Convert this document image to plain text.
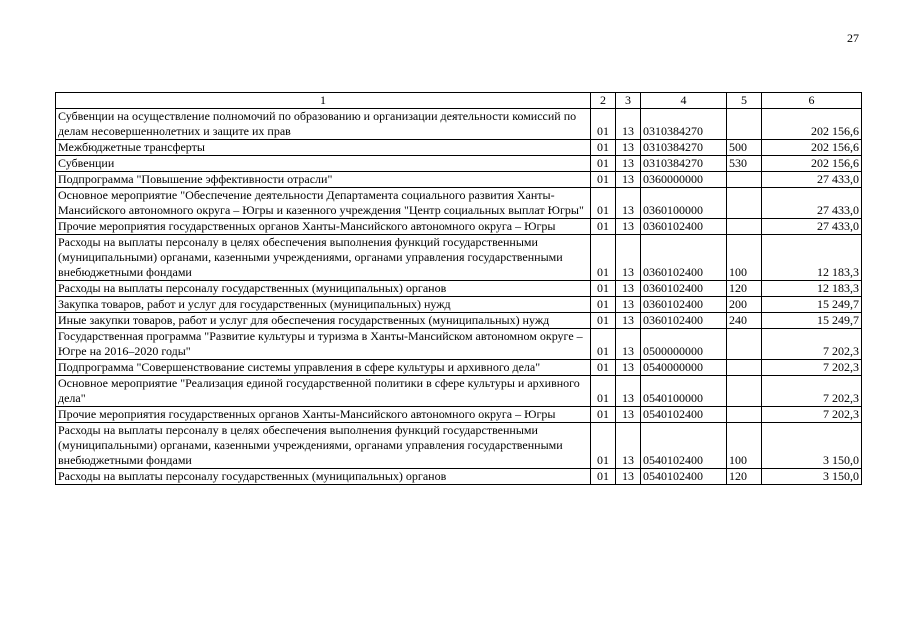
27
1	2	3	4	5	6
Субвенции на осуществление полномочий по образованию и организации деятельности комиссий по делам несовершеннолетних и защите их прав	01	13	0310384270		202 156,6
Межбюджетные трансферты	01	13	0310384270	500	202 156,6
Субвенции	01	13	0310384270	530	202 156,6
Подпрограмма "Повышение эффективности отрасли"	01	13	0360000000		27 433,0
Основное мероприятие "Обеспечение деятельности Департамента социального развития Ханты-Мансийского автономного округа – Югры и казенного учреждения "Центр социальных выплат Югры"	01	13	0360100000		27 433,0
Прочие мероприятия государственных органов Ханты-Мансийского автономного округа – Югры	01	13	0360102400		27 433,0
Расходы на выплаты персоналу в целях обеспечения выполнения функций государственными (муниципальными) органами, казенными учреждениями, органами управления государственными внебюджетными фондами	01	13	0360102400	100	12 183,3
Расходы на выплаты персоналу государственных (муниципальных) органов	01	13	0360102400	120	12 183,3
Закупка товаров, работ и услуг для государственных (муниципальных) нужд	01	13	0360102400	200	15 249,7
Иные закупки товаров, работ и услуг для обеспечения государственных (муниципальных) нужд	01	13	0360102400	240	15 249,7
Государственная программа "Развитие культуры и туризма в Ханты-Мансийском автономном округе – Югре на 2016–2020 годы"	01	13	0500000000		7 202,3
Подпрограмма "Совершенствование системы управления в сфере культуры и архивного дела"	01	13	0540000000		7 202,3
Основное мероприятие "Реализация единой государственной политики в сфере культуры и архивного дела"	01	13	0540100000		7 202,3
Прочие мероприятия государственных органов Ханты-Мансийского автономного округа – Югры	01	13	0540102400		7 202,3
Расходы на выплаты персоналу в целях обеспечения выполнения функций государственными (муниципальными) органами, казенными учреждениями, органами управления государственными внебюджетными фондами	01	13	0540102400	100	3 150,0
Расходы на выплаты персоналу государственных (муниципальных) органов	01	13	0540102400	120	3 150,0
